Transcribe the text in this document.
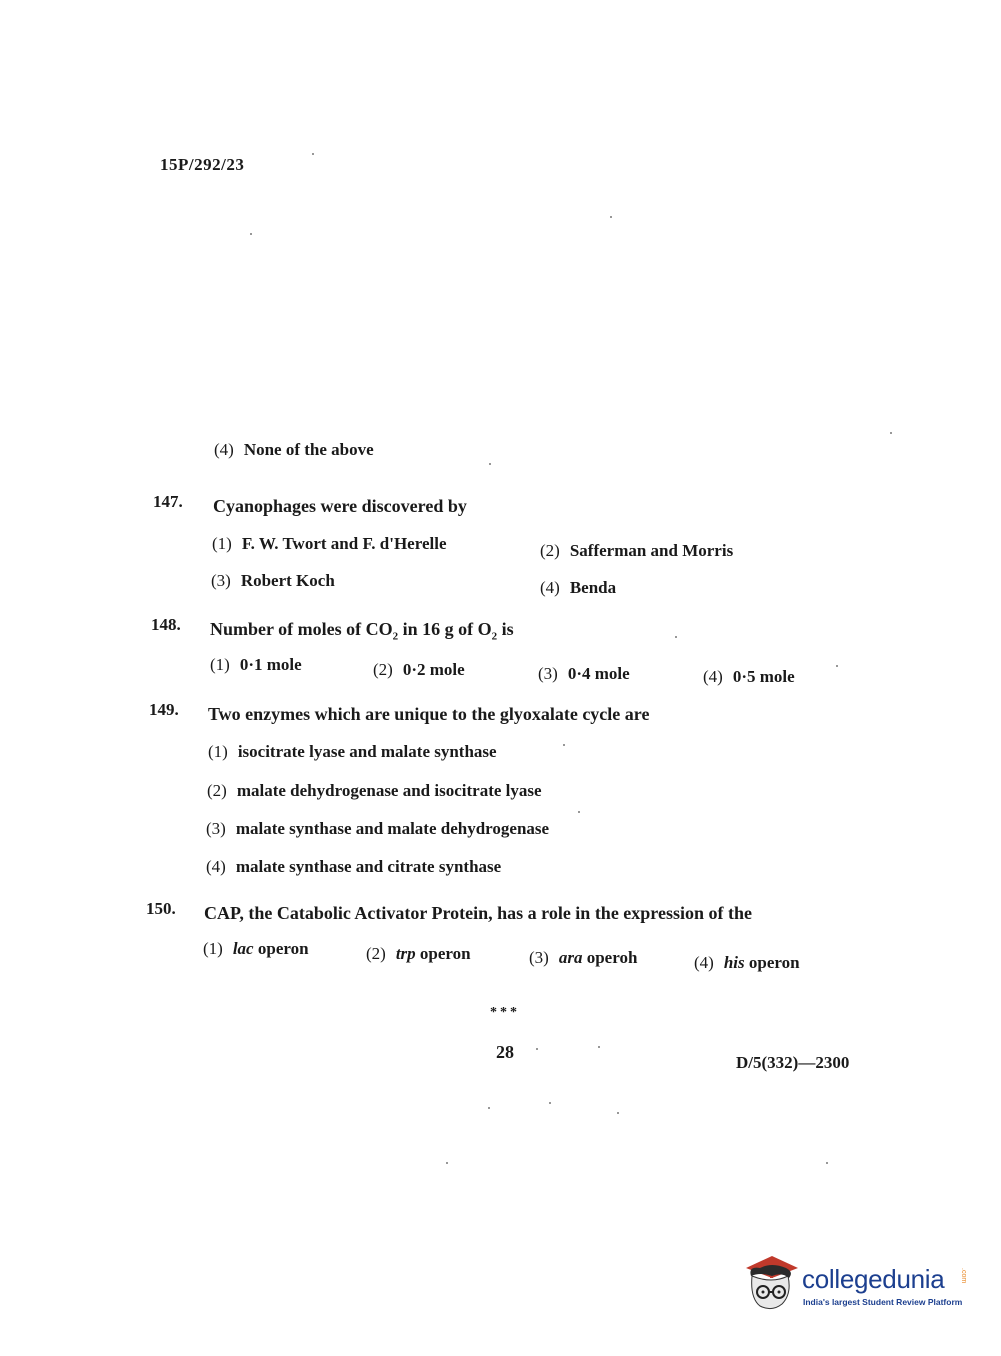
15P/292/23
(4) None of the above
147. Cyanophages were discovered by
(1) F. W. Twort and F. d'Herelle	(2) Safferman and Morris
(3) Robert Koch	(4) Benda
148. Number of moles of $CO_2$ in 16 g of $O_2$ is
(1) 0·1 mole	(2) 0·2 mole	(3) 0·4 mole	(4) 0·5 mole
149. Two enzymes which are unique to the glyoxalate cycle are
(1) isocitrate lyase and malate synthase
(2) malate dehydrogenase and isocitrate lyase
(3) malate synthase and malate dehydrogenase
(4) malate synthase and citrate synthase
150. CAP, the Catabolic Activator Protein, has a role in the expression of the
(1) lac operon	(2) trp operon	(3) ara operoh	(4) his operon
***
28
D/5(332)—2300
collegedunia .com
India's largest Student Review Platform
